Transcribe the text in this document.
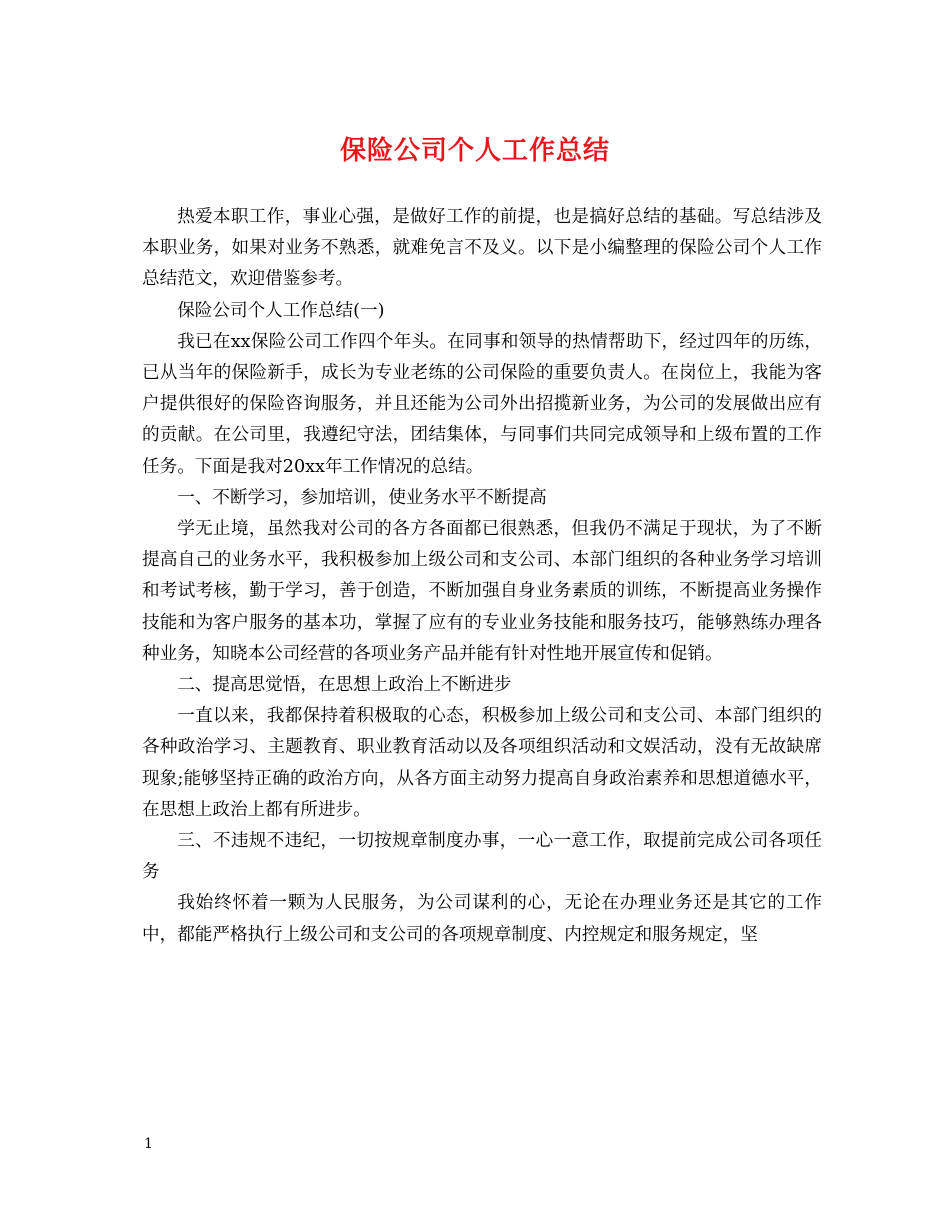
保险公司个人工作总结

热爱本职工作，事业心强，是做好工作的前提，也是搞好总结的基础。写总结涉及本职业务，如果对业务不熟悉，就难免言不及义。以下是小编整理的保险公司个人工作总结范文，欢迎借鉴参考。

保险公司个人工作总结(一)

我已在xx保险公司工作四个年头。在同事和领导的热情帮助下，经过四年的历练，已从当年的保险新手，成长为专业老练的公司保险的重要负责人。在岗位上，我能为客户提供很好的保险咨询服务，并且还能为公司外出招揽新业务，为公司的发展做出应有的贡献。在公司里，我遵纪守法，团结集体，与同事们共同完成领导和上级布置的工作任务。下面是我对20xx年工作情况的总结。

一、不断学习，参加培训，使业务水平不断提高

学无止境，虽然我对公司的各方各面都已很熟悉，但我仍不满足于现状，为了不断提高自己的业务水平，我积极参加上级公司和支公司、本部门组织的各种业务学习培训和考试考核，勤于学习，善于创造，不断加强自身业务素质的训练，不断提高业务操作技能和为客户服务的基本功，掌握了应有的专业业务技能和服务技巧，能够熟练办理各种业务，知晓本公司经营的各项业务产品并能有针对性地开展宣传和促销。

二、提高思觉悟，在思想上政治上不断进步

一直以来，我都保持着积极取的心态，积极参加上级公司和支公司、本部门组织的各种政治学习、主题教育、职业教育活动以及各项组织活动和文娱活动，没有无故缺席现象;能够坚持正确的政治方向，从各方面主动努力提高自身政治素养和思想道德水平，在思想上政治上都有所进步。

三、不违规不违纪，一切按规章制度办事，一心一意工作，取提前完成公司各项任务

我始终怀着一颗为人民服务，为公司谋利的心，无论在办理业务还是其它的工作中，都能严格执行上级公司和支公司的各项规章制度、内控规定和服务规定，坚

1
